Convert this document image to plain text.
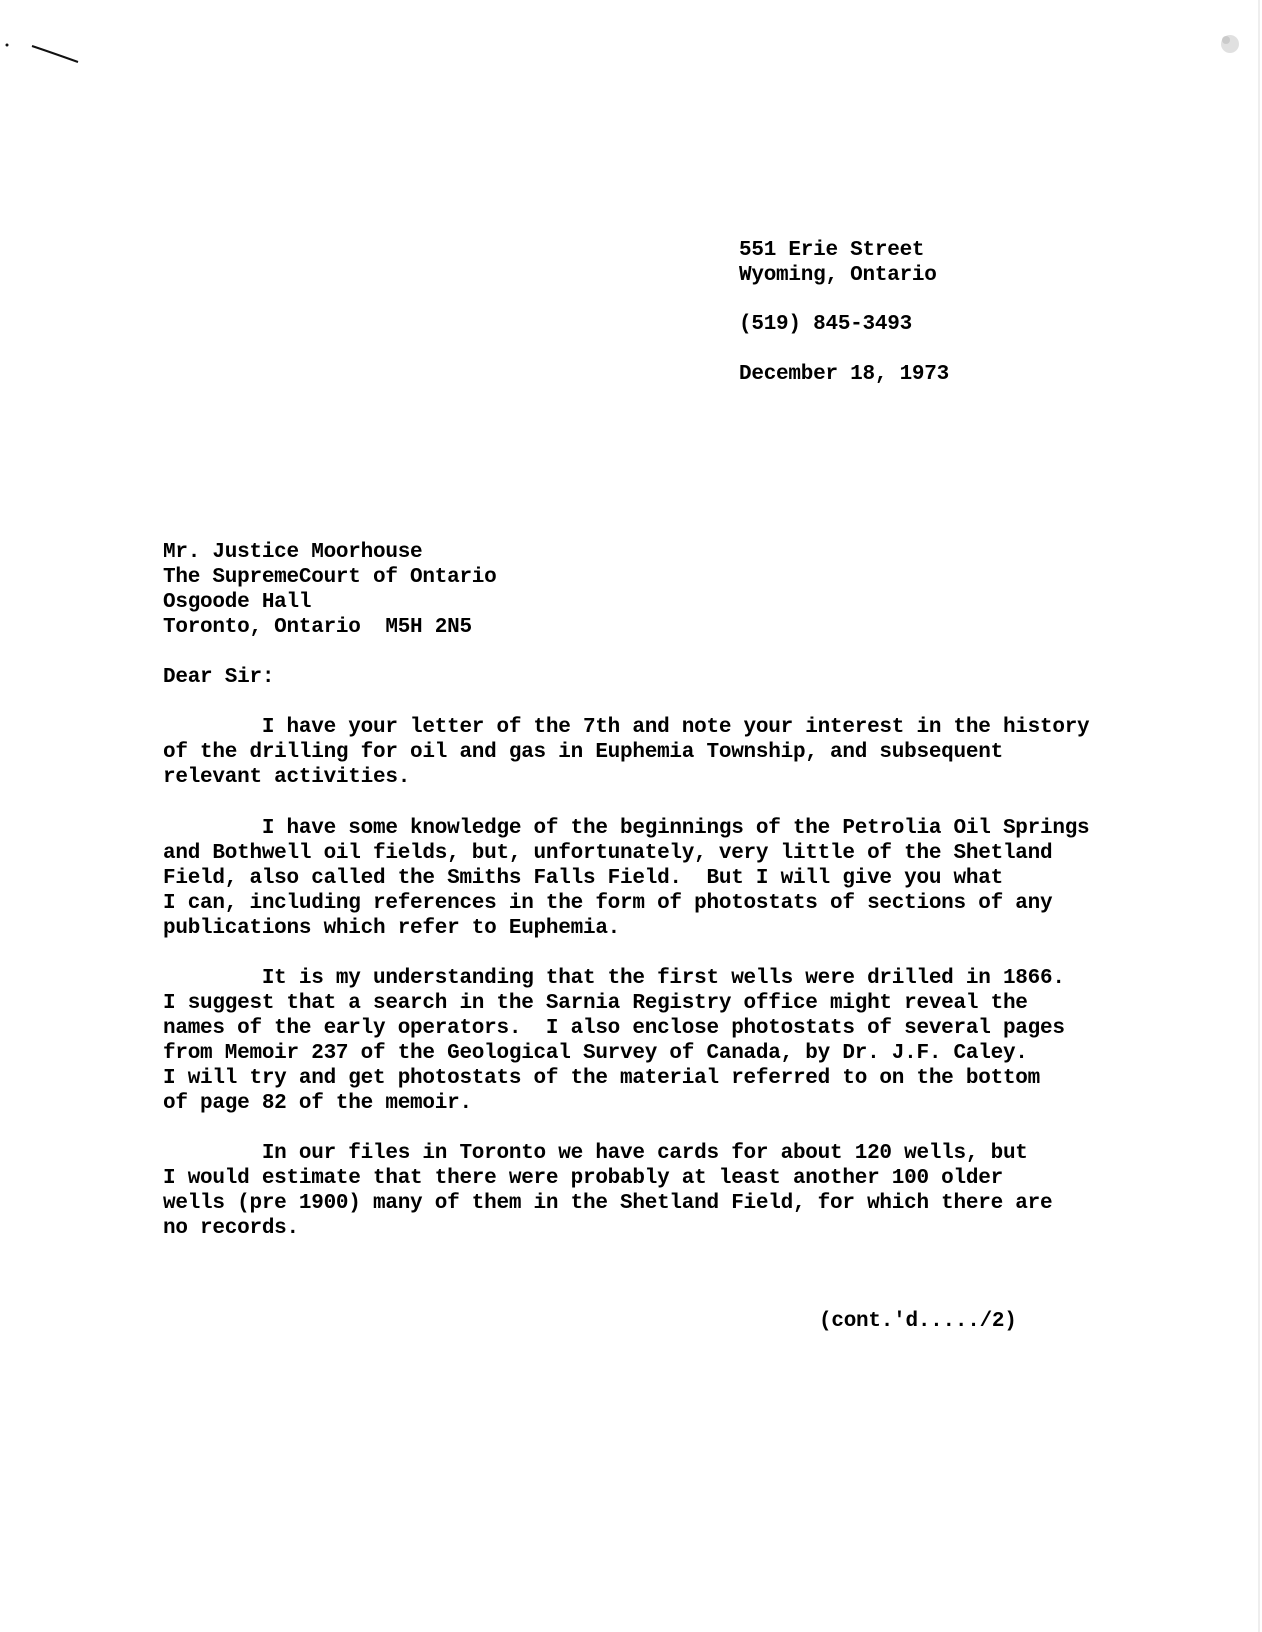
551 Erie Street
Wyoming, Ontario
(519) 845-3493
December 18, 1973
Mr. Justice Moorhouse
The SupremeCourt of Ontario
Osgoode Hall
Toronto, Ontario  M5H 2N5
Dear Sir:
I have your letter of the 7th and note your interest in the history
of the drilling for oil and gas in Euphemia Township, and subsequent
relevant activities.
I have some knowledge of the beginnings of the Petrolia Oil Springs
and Bothwell oil fields, but, unfortunately, very little of the Shetland
Field, also called the Smiths Falls Field.  But I will give you what
I can, including references in the form of photostats of sections of any
publications which refer to Euphemia.
It is my understanding that the first wells were drilled in 1866.
I suggest that a search in the Sarnia Registry office might reveal the
names of the early operators.  I also enclose photostats of several pages
from Memoir 237 of the Geological Survey of Canada, by Dr. J.F. Caley.
I will try and get photostats of the material referred to on the bottom
of page 82 of the memoir.
In our files in Toronto we have cards for about 120 wells, but
I would estimate that there were probably at least another 100 older
wells (pre 1900) many of them in the Shetland Field, for which there are
no records.
(cont.'d...../2)
